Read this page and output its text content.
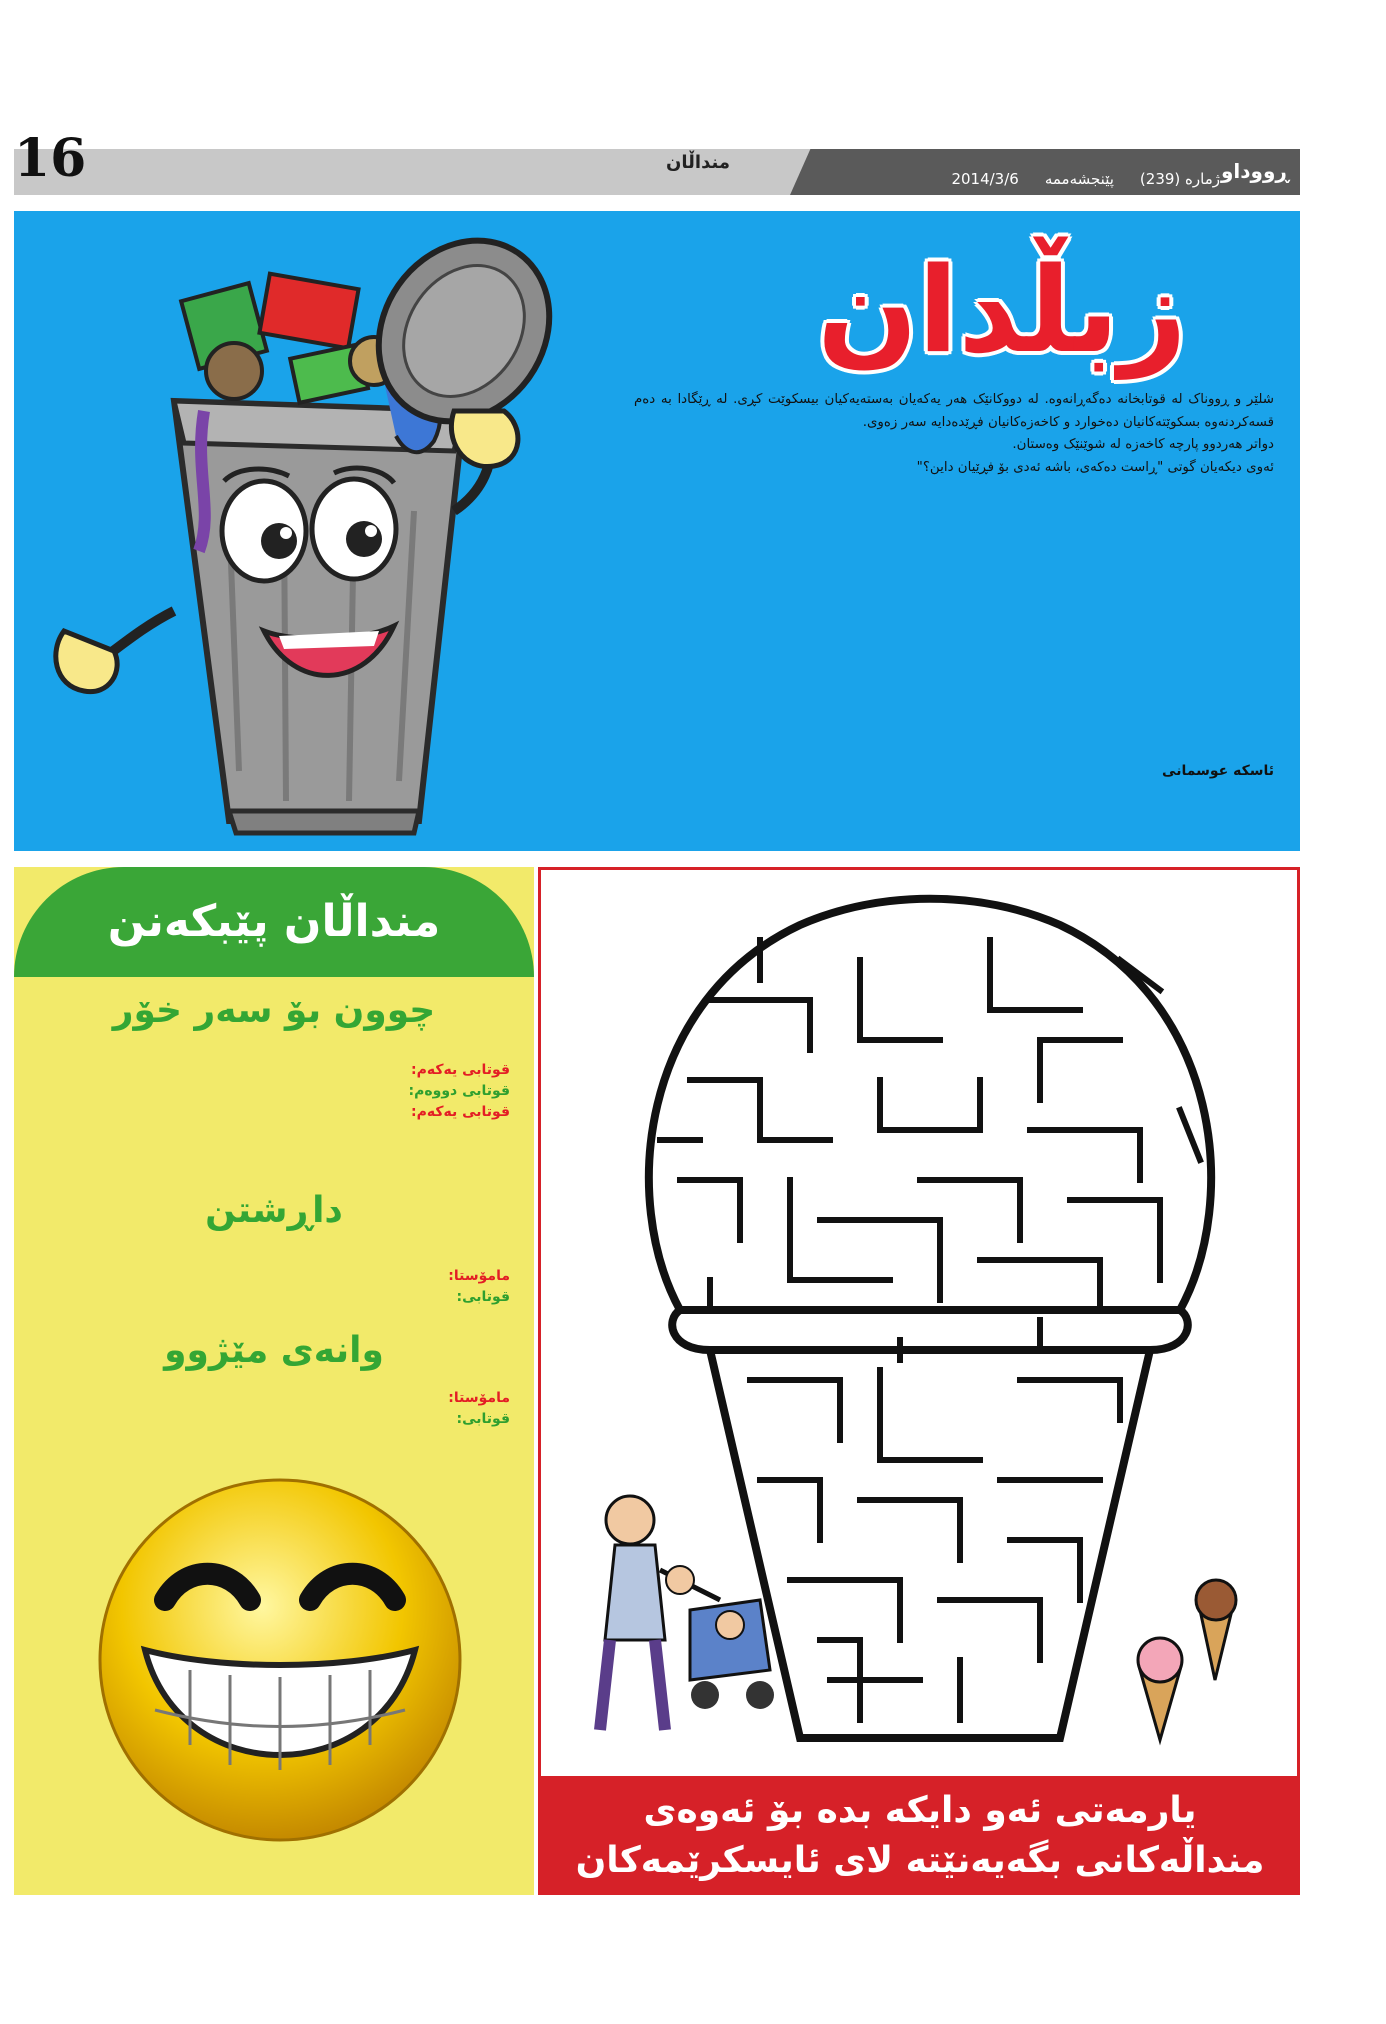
16	منداڵان
ژمارە (239)
پێنجشەممە
2014/3/6	ڕووداو
زبڵدان

شلێر و ڕووناک لە قوتابخانە دەگەڕانەوە. لە دووکانێک هەر یەکەیان بەستەیەکیان بیسکوێت کڕی. لە ڕێگادا بە دەم قسەکردنەوە بسکوێتەکانیان دەخوارد و کاخەزەکانیان فڕێدەدایە سەر زەوی.

دواتر هەردوو پارچە کاخەزە لە شوێنێک وەستان.

ئەوی دیکەیان گوتی "ڕاست دەکەی، باشە ئەدی بۆ فڕێیان داین؟"

ئاسکە عوسمانی
منداڵان پێبکەنن
چوون بۆ سەر خۆر

قوتابی یەکەم:

قوتابی دووەم:

قوتابی یەکەم:

داڕشتن

مامۆستا:

قوتابی:

وانەی مێژوو

مامۆستا:

قوتابی:

یارمەتی ئەو دایکە بدە بۆ ئەوەی

منداڵەکانی بگەیەنێتە لای ئایسکرێمەکان
